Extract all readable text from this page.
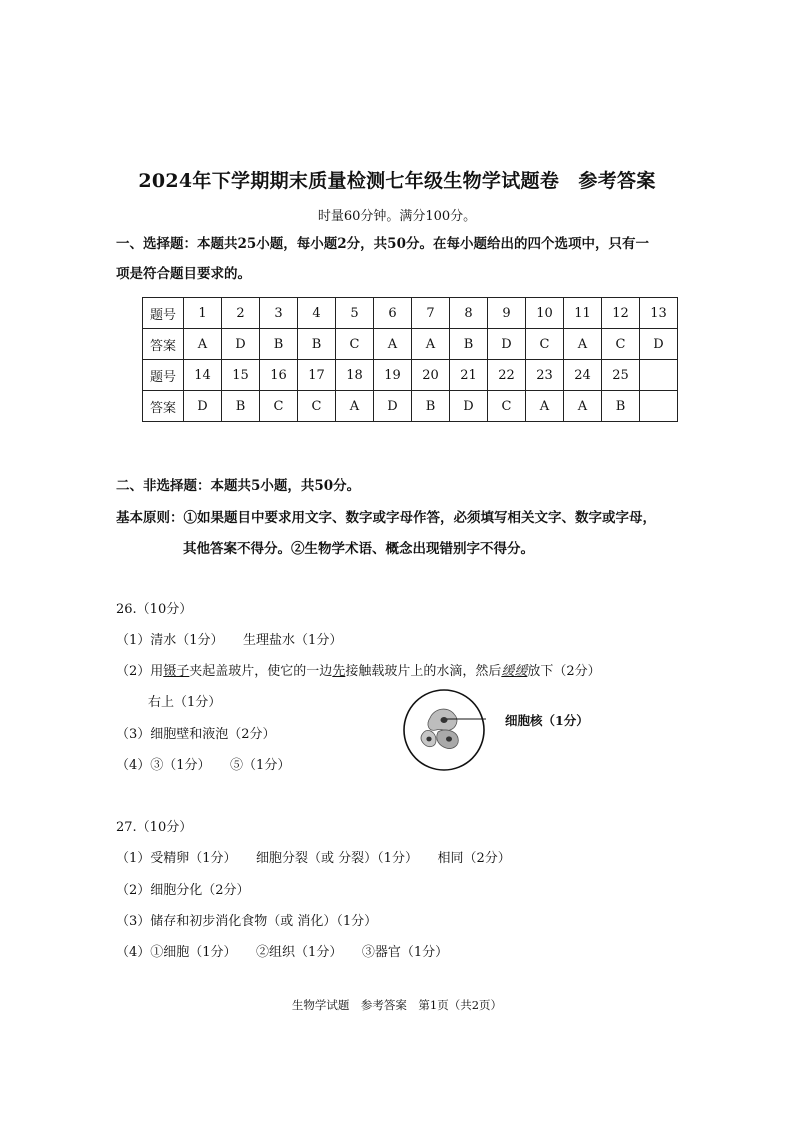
2024年下学期期末质量检测七年级生物学试题卷　参考答案
时量60分钟。满分100分。
一、选择题：本题共25小题，每小题2分，共50分。在每小题给出的四个选项中，只有一
项是符合题目要求的。
题号	1	2	3	4	5	6	7	8	9	10	11	12	13
答案	A	D	B	B	C	A	A	B	D	C	A	C	D
题号	14	15	16	17	18	19	20	21	22	23	24	25	
答案	D	B	C	C	A	D	B	D	C	A	A	B	
二、非选择题：本题共5小题，共50分。
基本原则：①如果题目中要求用文字、数字或字母作答，必须填写相关文字、数字或字母，
其他答案不得分。②生物学术语、概念出现错别字不得分。
26.（10分）
（1）清水（1分）　　生理盐水（1分）
（2）用镊子夹起盖玻片，使它的一边先接触载玻片上的水滴，然后缓缓放下（2分）
右上（1分）
（3）细胞壁和液泡（2分）
（4）③（1分）　　⑤（1分）
细胞核（1分）
27.（10分）
（1）受精卵（1分）　　细胞分裂（或 分裂）（1分）　　相同（2分）
（2）细胞分化（2分）
（3）储存和初步消化食物（或 消化）（1分）
（4）①细胞（1分）　　②组织（1分）　　③器官（1分）
生物学试题　参考答案　第1页（共2页）
